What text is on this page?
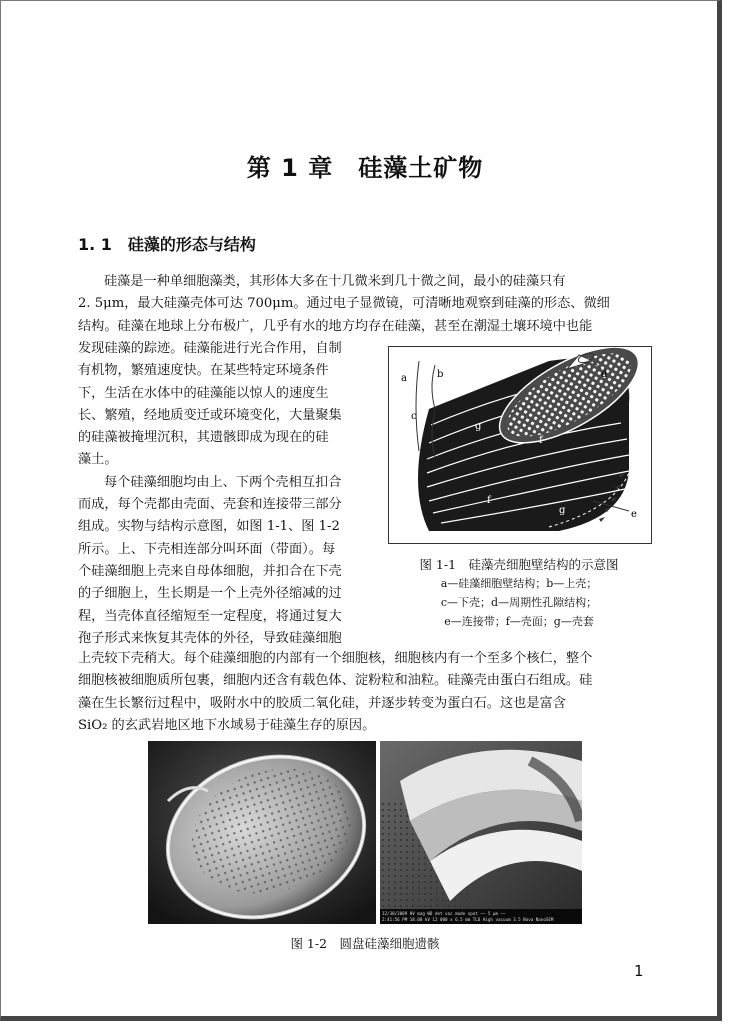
第 1 章　硅藻土矿物
1. 1　硅藻的形态与结构
硅藻是一种单细胞藻类，其形体大多在十几微米到几十微之间，最小的硅藻只有
2. 5μm，最大硅藻壳体可达 700μm。通过电子显微镜，可清晰地观察到硅藻的形态、微细
结构。硅藻在地球上分布极广，几乎有水的地方均存在硅藻，甚至在潮湿土壤环境中也能
发现硅藻的踪迹。硅藻能进行光合作用，自制
有机物，繁殖速度快。在某些特定环境条件
下，生活在水体中的硅藻能以惊人的速度生
长、繁殖，经地质变迁或环境变化，大量聚集
的硅藻被掩埋沉积，其遗骸即成为现在的硅
藻土。
每个硅藻细胞均由上、下两个壳相互扣合
而成，每个壳都由壳面、壳套和连接带三部分
组成。实物与结构示意图，如图 1-1、图 1-2
所示。上、下壳相连部分叫环面（带面）。每
个硅藻细胞上壳来自母体细胞，并扣合在下壳
的子细胞上，生长期是一个上壳外径缩减的过
程，当壳体直径缩短至一定程度，将通过复大
孢子形式来恢复其壳体的外径，导致硅藻细胞
a	b
c
d
e
f
f
g
g
图 1-1　硅藻壳细胞壁结构的示意图
a—硅藻细胞壁结构；b—上壳；
c—下壳；d—周期性孔隙结构；
e—连接带；f—壳面；g—壳套
上壳较下壳稍大。每个硅藻细胞的内部有一个细胞核，细胞核内有一个至多个核仁，整个
细胞核被细胞质所包裹，细胞内还含有载色体、淀粉粒和油粒。硅藻壳由蛋白石组成。硅
藻在生长繁衍过程中，吸附水中的胶质二氧化硅，并逐步转变为蛋白石。这也是富含
SiO₂ 的玄武岩地区地下水域易于硅藻生存的原因。
12/30/2009 HV mag WD det vac mode spot —— 5 μm ——
2:41:56 PM 18.00 kV 12 000 x 6.5 mm TLD High vacuum 3.5 Nova NanoSEM
图 1-2　圆盘硅藻细胞遗骸
1
